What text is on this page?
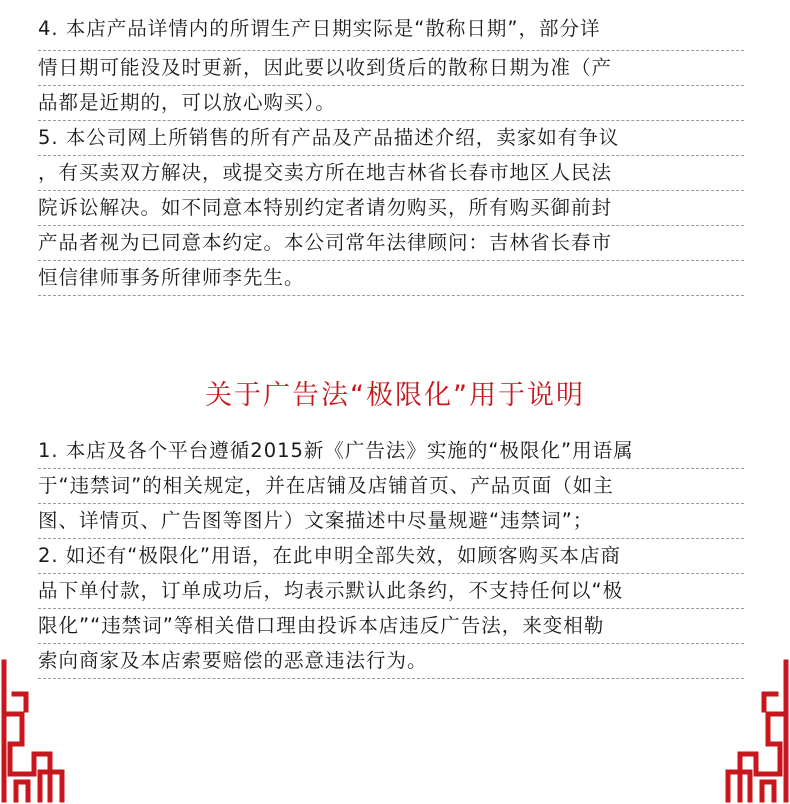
4. 本店产品详情内的所谓生产日期实际是“散称日期”，部分详
情日期可能没及时更新，因此要以收到货后的散称日期为准（产
品都是近期的，可以放心购买）。
5. 本公司网上所销售的所有产品及产品描述介绍，卖家如有争议
，有买卖双方解决，或提交卖方所在地吉林省长春市地区人民法
院诉讼解决。如不同意本特别约定者请勿购买，所有购买御前封
产品者视为已同意本约定。本公司常年法律顾问：吉林省长春市
恒信律师事务所律师李先生。
关于广告法“极限化”用于说明
1. 本店及各个平台遵循2015新《广告法》实施的“极限化”用语属
于“违禁词”的相关规定，并在店铺及店铺首页、产品页面（如主
图、详情页、广告图等图片）文案描述中尽量规避“违禁词”；
2. 如还有“极限化”用语，在此申明全部失效，如顾客购买本店商
品下单付款，订单成功后，均表示默认此条约，不支持任何以“极
限化”“违禁词”等相关借口理由投诉本店违反广告法，来变相勒
索向商家及本店索要赔偿的恶意违法行为。
